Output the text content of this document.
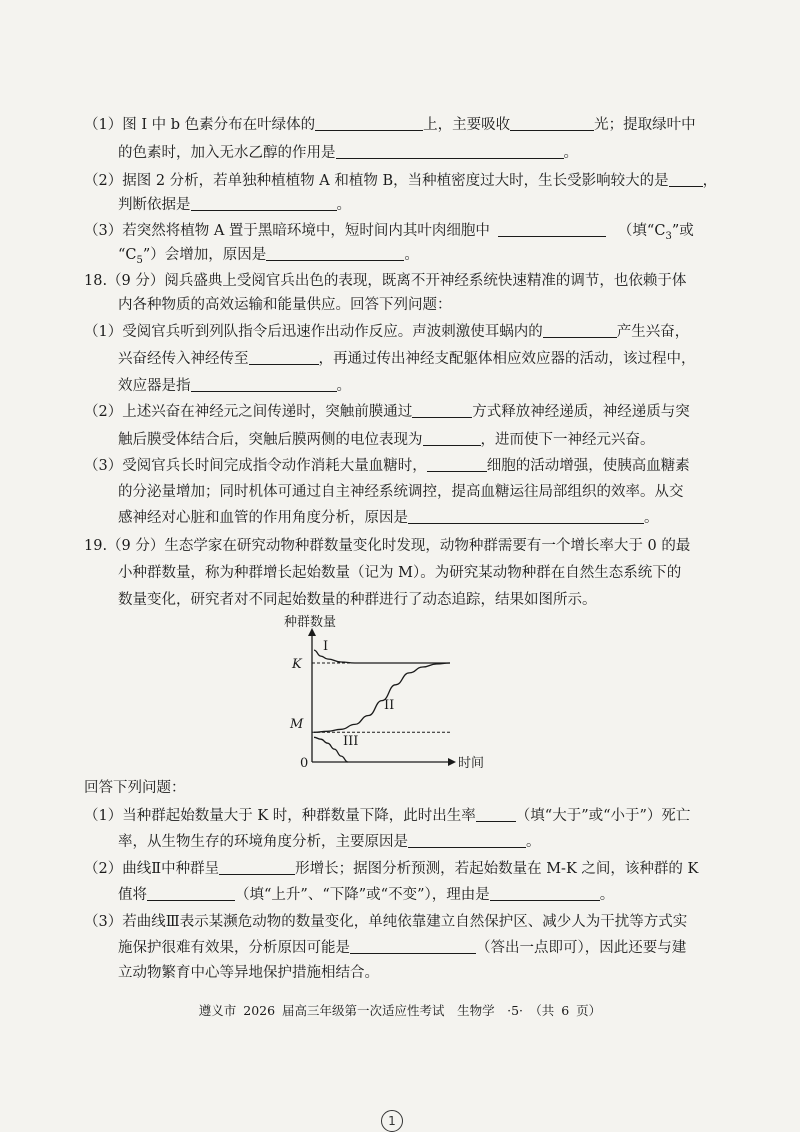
（1）图 I 中 b 色素分布在叶绿体的	上，主要吸收	光；提取绿叶中
的色素时，加入无水乙醇的作用是	。
（2）据图 2 分析，若单独种植植物 A 和植物 B，当种植密度过大时，生长受影响较大的是 ，
判断依据是	。
（3）若突然将植物 A 置于黑暗环境中，短时间内其叶肉细胞中	（填“$C_3$”或
“$C_5$”）会增加，原因是	。
18.（9 分）阅兵盛典上受阅官兵出色的表现，既离不开神经系统快速精准的调节，也依赖于体
内各种物质的高效运输和能量供应。回答下列问题：
（1）受阅官兵听到列队指令后迅速作出动作反应。声波刺激使耳蜗内的	产生兴奋，
兴奋经传入神经传至	，再通过传出神经支配躯体相应效应器的活动，该过程中，
效应器是指	。
（2）上述兴奋在神经元之间传递时，突触前膜通过	方式释放神经递质，神经递质与突
触后膜受体结合后，突触后膜两侧的电位表现为	，进而使下一神经元兴奋。
（3）受阅官兵长时间完成指令动作消耗大量血糖时，	细胞的活动增强，使胰高血糖素
的分泌量增加；同时机体可通过自主神经系统调控，提高血糖运往局部组织的效率。从交
感神经对心脏和血管的作用角度分析，原因是	。
19.（9 分）生态学家在研究动物种群数量变化时发现，动物种群需要有一个增长率大于 0 的最
小种群数量，称为种群增长起始数量（记为 M）。为研究某动物种群在自然生态系统下的
数量变化，研究者对不同起始数量的种群进行了动态追踪，结果如图所示。
种群数量
时间
K
M
0
I
II
III
回答下列问题：
（1）当种群起始数量大于 K 时，种群数量下降，此时出生率	（填“大于”或“小于”）死亡
率，从生物生存的环境角度分析，主要原因是	。
（2）曲线Ⅱ中种群呈	形增长；据图分析预测，若起始数量在 M-K 之间，该种群的 K
值将	（填“上升”、“下降”或“不变”），理由是	。
（3）若曲线Ⅲ表示某濒危动物的数量变化，单纯依靠建立自然保护区、减少人为干扰等方式实
施保护很难有效果，分析原因可能是	（答出一点即可），因此还要与建
立动物繁育中心等异地保护措施相结合。
遵义市 2026 届高三年级第一次适应性考试　 生物学　 ·5·　 （共 6 页）
1
